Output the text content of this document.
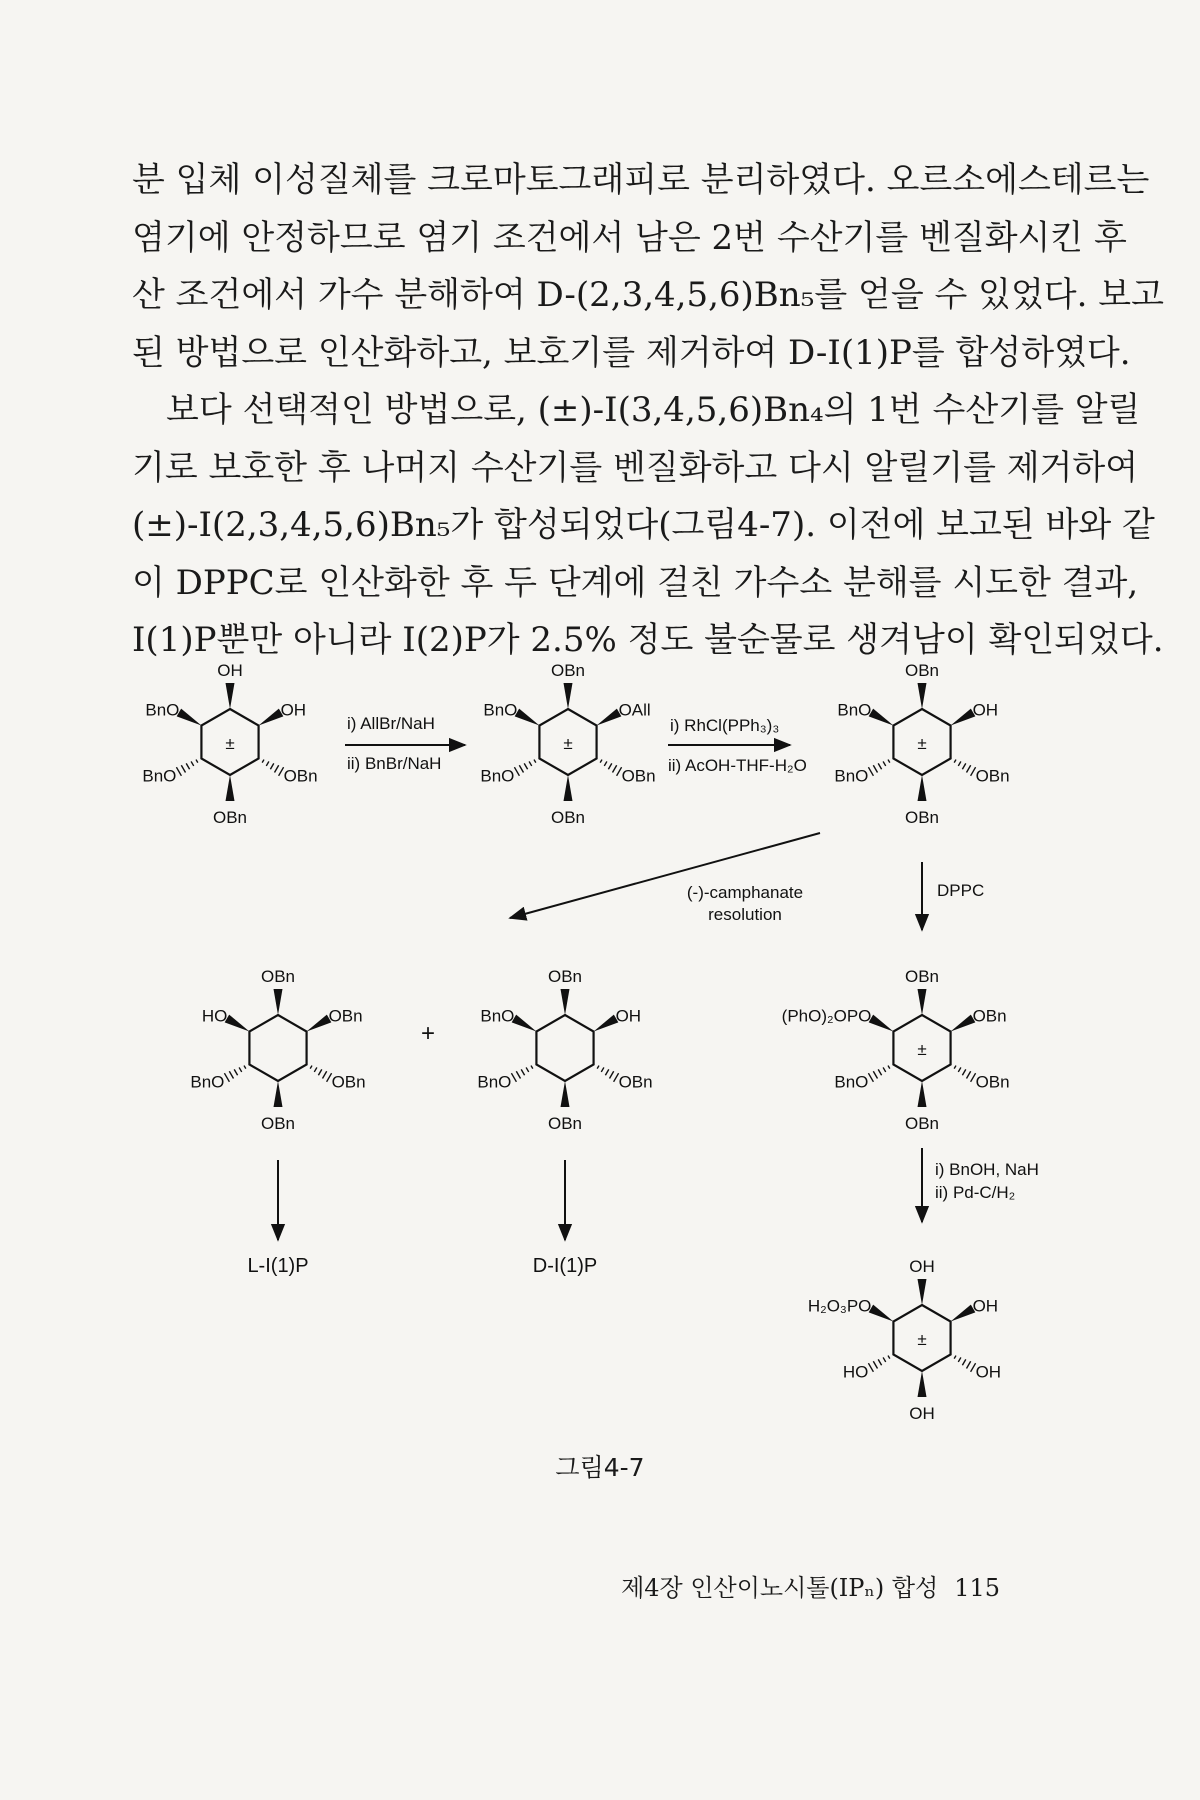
분 입체 이성질체를 크로마토그래피로 분리하였다. 오르소에스테르는
염기에 안정하므로 염기 조건에서 남은 2번 수산기를 벤질화시킨 후
산 조건에서 가수 분해하여 D-(2,3,4,5,6)Bn₅를 얻을 수 있었다. 보고
된 방법으로 인산화하고, 보호기를 제거하여 D-I(1)P를 합성하였다.

보다 선택적인 방법으로, (±)-I(3,4,5,6)Bn₄의 1번 수산기를 알릴
기로 보호한 후 나머지 수산기를 벤질화하고 다시 알릴기를 제거하여
(±)-I(2,3,4,5,6)Bn₅가 합성되었다(그림4-7). 이전에 보고된 바와 같
이 DPPC로 인산화한 후 두 단계에 걸친 가수소 분해를 시도한 결과,
I(1)P뿐만 아니라 I(2)P가 2.5% 정도 불순물로 생겨남이 확인되었다.

OH
OH
BnO
OBn
BnO
OBn
±
OBn
OAll
BnO
OBn
BnO
OBn
±
OBn
OH
BnO
OBn
BnO
OBn
±
OBn
OBn
HO
OBn
BnO
OBn
OBn
OH
BnO
OBn
BnO
OBn
OBn
OBn
(PhO)₂OPO
OBn
BnO
OBn
±
OH
OH
H₂O₃PO
OH
HO
OH
±
i) AllBr/NaH
ii) BnBr/NaH
i) RhCl(PPh₃)₃
ii) AcOH-THF-H₂O
(-)-camphanate
resolution
DPPC
i) BnOH, NaH
ii) Pd-C/H₂
+
L-I(1)P	D-I(1)P
그림4-7
제4장 인산이노시톨(IPₙ) 합성 115
